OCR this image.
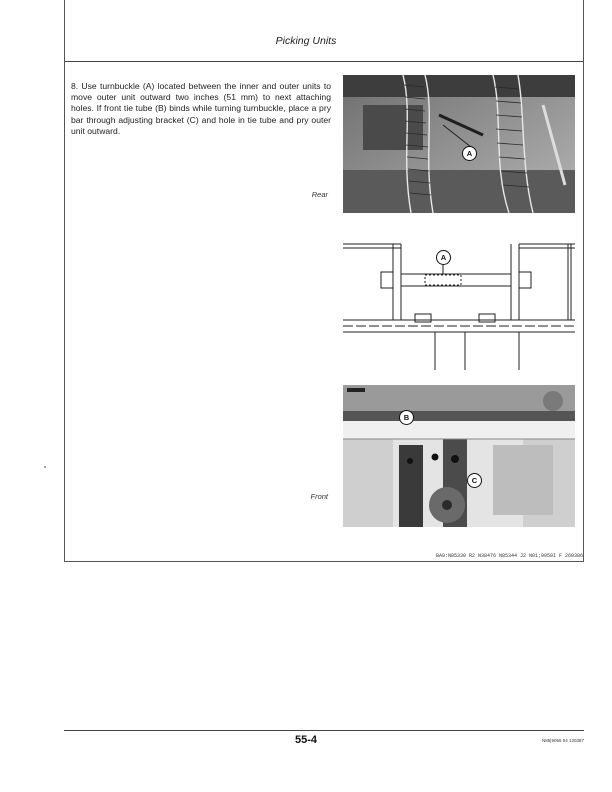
Picking Units
8. Use turnbuckle (A) located between the inner and outer units to move outer unit outward two inches (51 mm) to next attaching holes. If front tie tube (B) binds while turning turnbuckle, place a pry bar through adjusting bracket (C) and hole in tie tube and pry outer unit outward.
Rear
Front
A
A
B
C
BA9:N85330 R2 N38476 N85344 J2 N01;9950I F 260386
55-4	N85|9055 04 120387
